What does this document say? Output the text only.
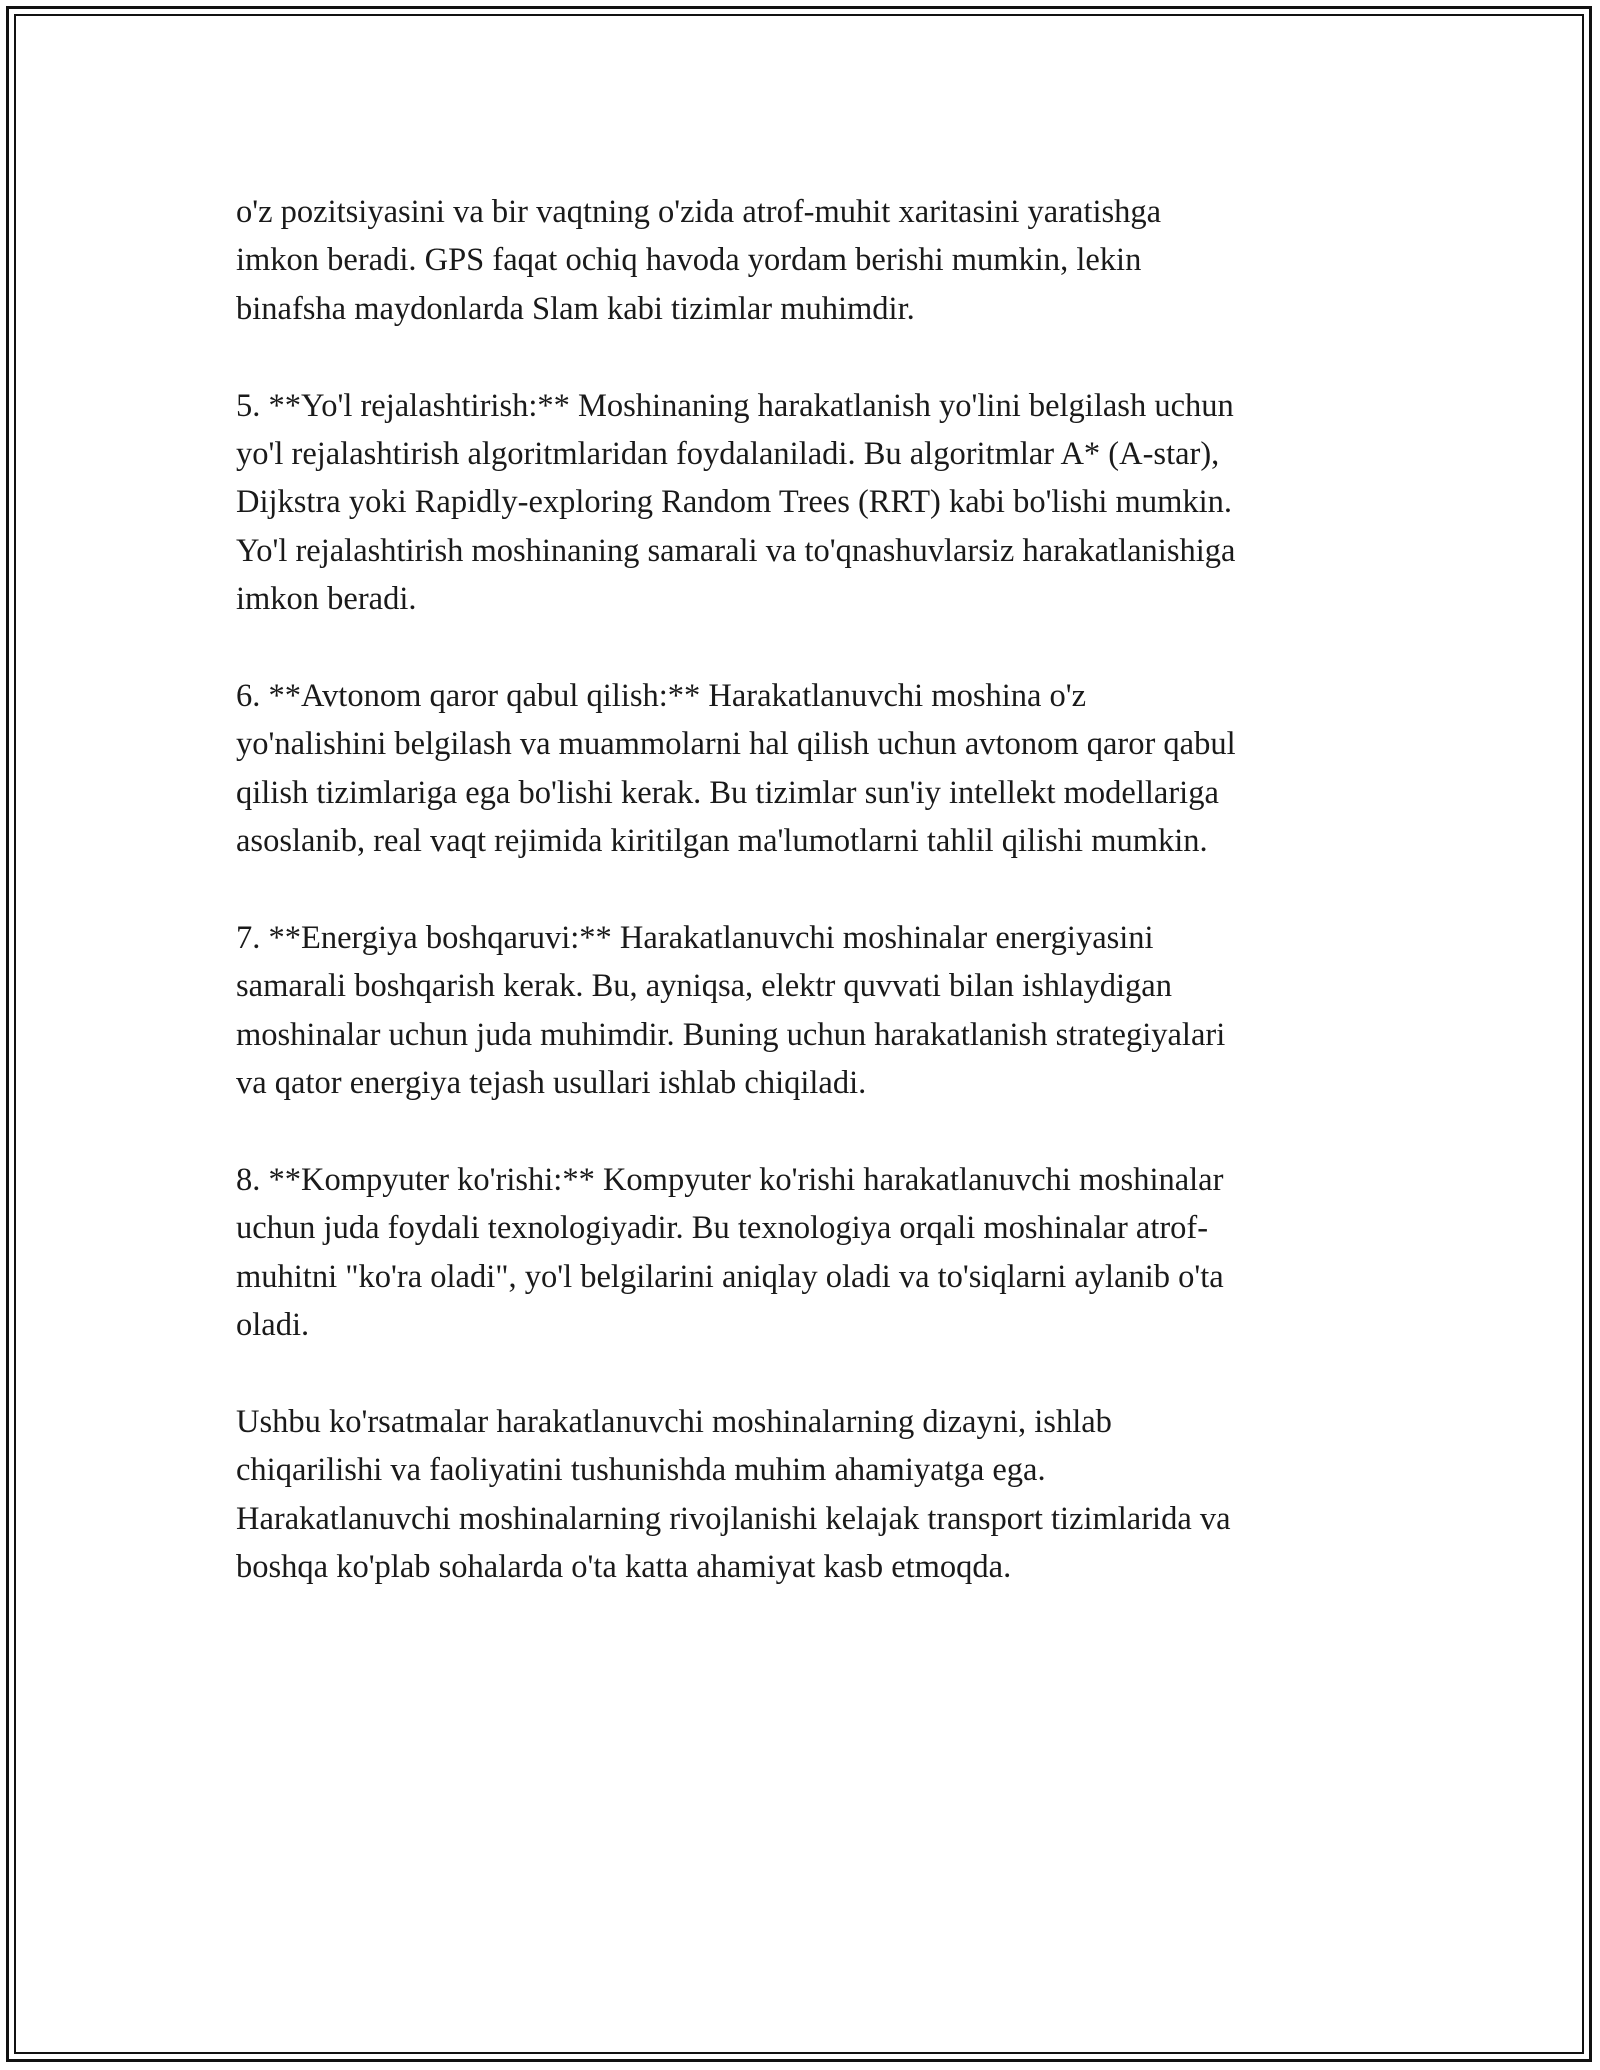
o'z pozitsiyasini va bir vaqtning o'zida atrof-muhit xaritasini yaratishga
imkon beradi. GPS faqat ochiq havoda yordam berishi mumkin, lekin
binafsha maydonlarda Slam kabi tizimlar muhimdir.

5. **Yo'l rejalashtirish:** Moshinaning harakatlanish yo'lini belgilash uchun
yo'l rejalashtirish algoritmlaridan foydalaniladi. Bu algoritmlar A* (A-star),
Dijkstra yoki Rapidly-exploring Random Trees (RRT) kabi bo'lishi mumkin.
Yo'l rejalashtirish moshinaning samarali va to'qnashuvlarsiz harakatlanishiga
imkon beradi.

6. **Avtonom qaror qabul qilish:** Harakatlanuvchi moshina o'z
yo'nalishini belgilash va muammolarni hal qilish uchun avtonom qaror qabul
qilish tizimlariga ega bo'lishi kerak. Bu tizimlar sun'iy intellekt modellariga
asoslanib, real vaqt rejimida kiritilgan ma'lumotlarni tahlil qilishi mumkin.

7. **Energiya boshqaruvi:** Harakatlanuvchi moshinalar energiyasini
samarali boshqarish kerak. Bu, ayniqsa, elektr quvvati bilan ishlaydigan
moshinalar uchun juda muhimdir. Buning uchun harakatlanish strategiyalari
va qator energiya tejash usullari ishlab chiqiladi.

8. **Kompyuter ko'rishi:** Kompyuter ko'rishi harakatlanuvchi moshinalar
uchun juda foydali texnologiyadir. Bu texnologiya orqali moshinalar atrof-
muhitni "ko'ra oladi", yo'l belgilarini aniqlay oladi va to'siqlarni aylanib o'ta
oladi.

Ushbu ko'rsatmalar harakatlanuvchi moshinalarning dizayni, ishlab
chiqarilishi va faoliyatini tushunishda muhim ahamiyatga ega.
Harakatlanuvchi moshinalarning rivojlanishi kelajak transport tizimlarida va
boshqa ko'plab sohalarda o'ta katta ahamiyat kasb etmoqda.
